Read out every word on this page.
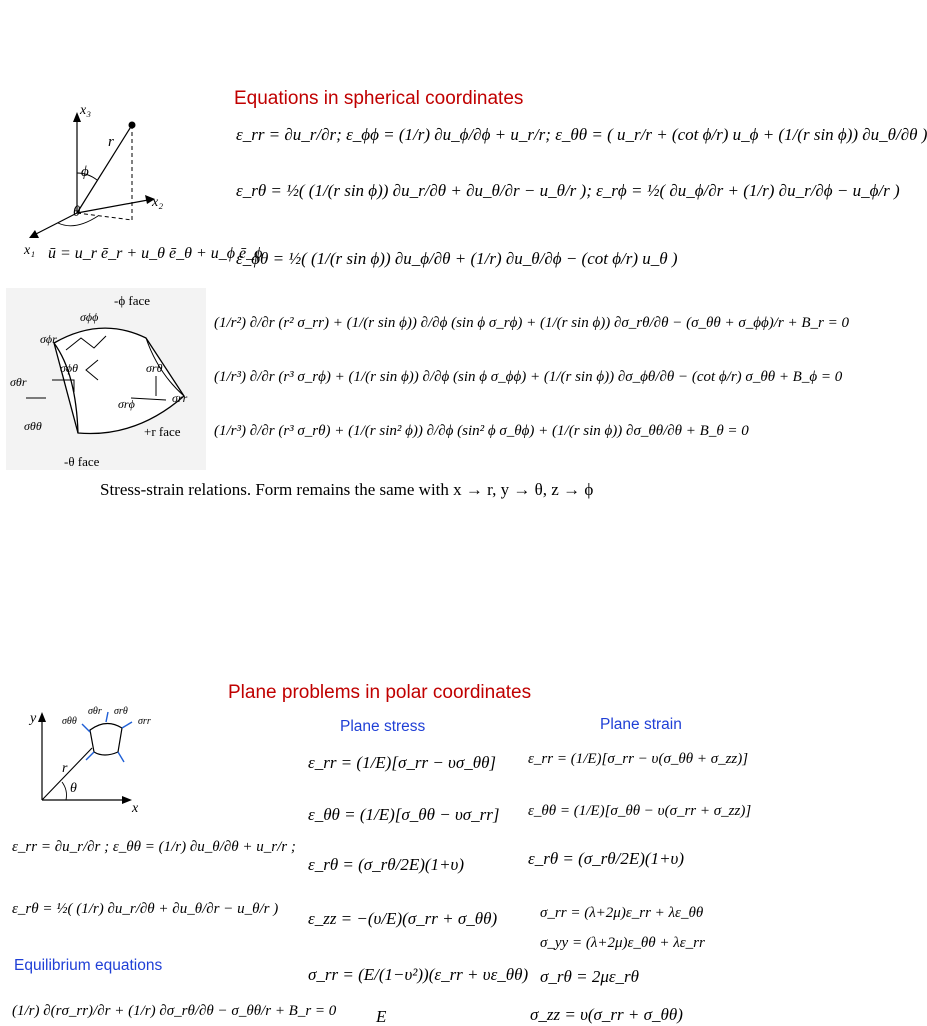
Equations in spherical coordinates
x₃
x₂
x₁
r
ϕ
θ
ū = u_r ē_r + u_θ ē_θ + u_ϕ ē_ϕ
ε_rr = ∂u_r/∂r; ε_ϕϕ = (1/r) ∂u_ϕ/∂ϕ + u_r/r; ε_θθ = ( u_r/r + (cot ϕ/r) u_ϕ + (1/(r sin ϕ)) ∂u_θ/∂θ )
ε_rθ = ½( (1/(r sin ϕ)) ∂u_r/∂θ + ∂u_θ/∂r − u_θ/r ); ε_rϕ = ½( ∂u_ϕ/∂r + (1/r) ∂u_r/∂ϕ − u_ϕ/r )
ε_ϕθ = ½( (1/(r sin ϕ)) ∂u_ϕ/∂θ + (1/r) ∂u_θ/∂ϕ − (cot ϕ/r) u_θ )
-ϕ face
σϕϕ
σϕr
σϕθ
σθr
σrθ
σrϕ	σrr
σθθ	+r face
-θ face
(1/r²) ∂/∂r (r² σ_rr) + (1/(r sin ϕ)) ∂/∂ϕ (sin ϕ σ_rϕ) + (1/(r sin ϕ)) ∂σ_rθ/∂θ − (σ_θθ + σ_ϕϕ)/r + B_r = 0
(1/r³) ∂/∂r (r³ σ_rϕ) + (1/(r sin ϕ)) ∂/∂ϕ (sin ϕ σ_ϕϕ) + (1/(r sin ϕ)) ∂σ_ϕθ/∂θ − (cot ϕ/r) σ_θθ + B_ϕ = 0
(1/r³) ∂/∂r (r³ σ_rθ) + (1/(r sin² ϕ)) ∂/∂ϕ (sin² ϕ σ_θϕ) + (1/(r sin ϕ)) ∂σ_θθ/∂θ + B_θ = 0
Stress-strain relations. Form remains the same with x → r, y → θ, z → ϕ
Plane problems in polar coordinates
y
x
r
θ
σθr σrθ
σθθ	σrr	Plane stress	Plane strain
ε_rr = ∂u_r/∂r ; ε_θθ = (1/r) ∂u_θ/∂θ + u_r/r ;
ε_rθ = ½( (1/r) ∂u_r/∂θ + ∂u_θ/∂r − u_θ/r )
Equilibrium equations
(1/r) ∂(rσ_rr)/∂r + (1/r) ∂σ_rθ/∂θ − σ_θθ/r + B_r = 0
ε_rr = (1/E)[σ_rr − υσ_θθ]
ε_θθ = (1/E)[σ_θθ − υσ_rr]
ε_rθ = (σ_rθ/2E)(1+υ)
ε_zz = −(υ/E)(σ_rr + σ_θθ)
σ_rr = (E/(1−υ²))(ε_rr + υε_θθ)
E
ε_rr = (1/E)[σ_rr − υ(σ_θθ + σ_zz)]
ε_θθ = (1/E)[σ_θθ − υ(σ_rr + σ_zz)]
ε_rθ = (σ_rθ/2E)(1+υ)
σ_rr = (λ+2μ)ε_rr + λε_θθ
σ_yy = (λ+2μ)ε_θθ + λε_rr
σ_rθ = 2με_rθ
σ_zz = υ(σ_rr + σ_θθ)
